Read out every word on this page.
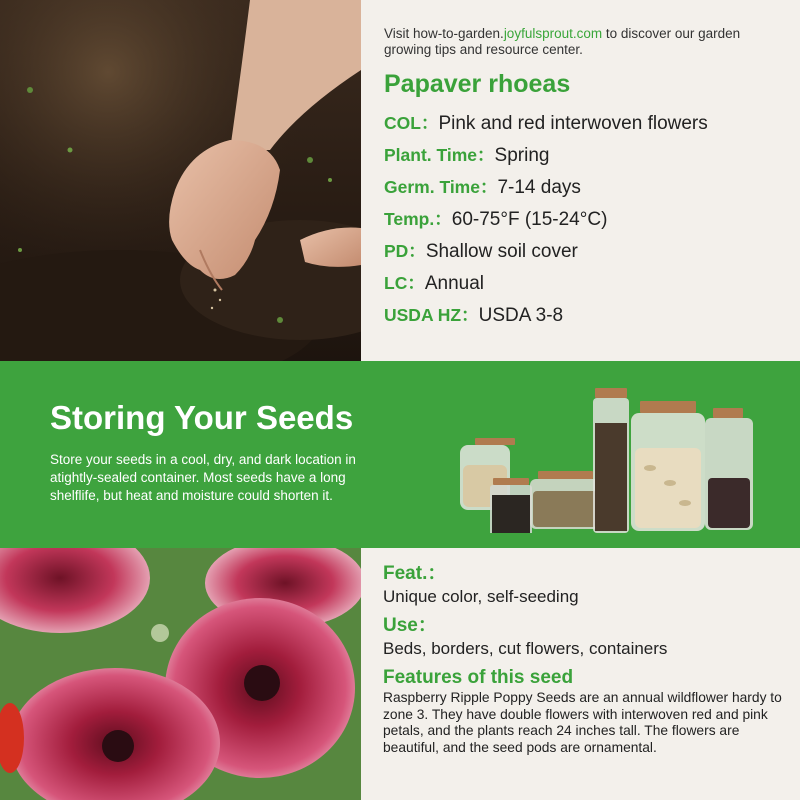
Visit how-to-garden.joyfulsprout.com to discover our garden growing tips and resource center.
Papaver rhoeas
COL：Pink and red interwoven flowers
Plant. Time：Spring
Germ. Time：7-14 days
Temp.：60-75°F (15-24°C)
PD：Shallow soil cover
LC：Annual
USDA HZ：USDA 3-8
Storing Your Seeds
Store your seeds in a cool, dry, and dark location in atightly-sealed container. Most seeds have a long shelflife, but heat and moisture could shorten it.
Feat.：
Unique color, self-seeding
Use：
Beds, borders, cut flowers, containers
Features of this seed
Raspberry Ripple Poppy Seeds are an annual wildflower hardy to zone 3. They have double flowers with interwoven red and pink petals, and the plants reach 24 inches tall. The flowers are beautiful, and the seed pods are ornamental.
